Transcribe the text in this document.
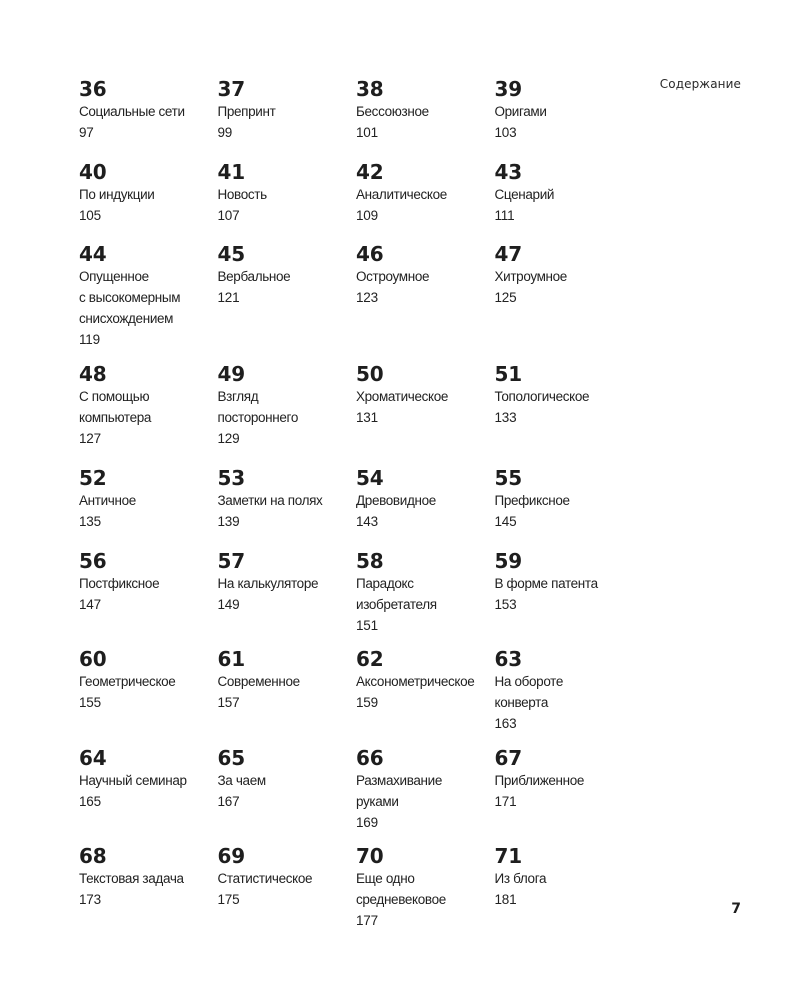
Содержание
36
Социальные сети
97
37
Препринт
99
38
Бессоюзное
101
39
Оригами
103
40
По индукции
105
41
Новость
107
42
Аналитическое
109
43
Сценарий
111
44
Опущенное
с высокомерным
снисхождением
119
45
Вербальное
121
46
Остроумное
123
47
Хитроумное
125
48
С помощью
компьютера
127
49
Взгляд
постороннего
129
50
Хроматическое
131
51
Топологическое
133
52
Античное
135
53
Заметки на полях
139
54
Древовидное
143
55
Префиксное
145
56
Постфиксное
147
57
На калькуляторе
149
58
Парадокс
изобретателя
151
59
В форме патента
153
60
Геометрическое
155
61
Современное
157
62
Аксонометрическое
159
63
На обороте
конверта
163
64
Научный семинар
165
65
За чаем
167
66
Размахивание
руками
169
67
Приближенное
171
68
Текстовая задача
173
69
Статистическое
175
70
Еще одно
средневековое
177
71
Из блога
181
7
